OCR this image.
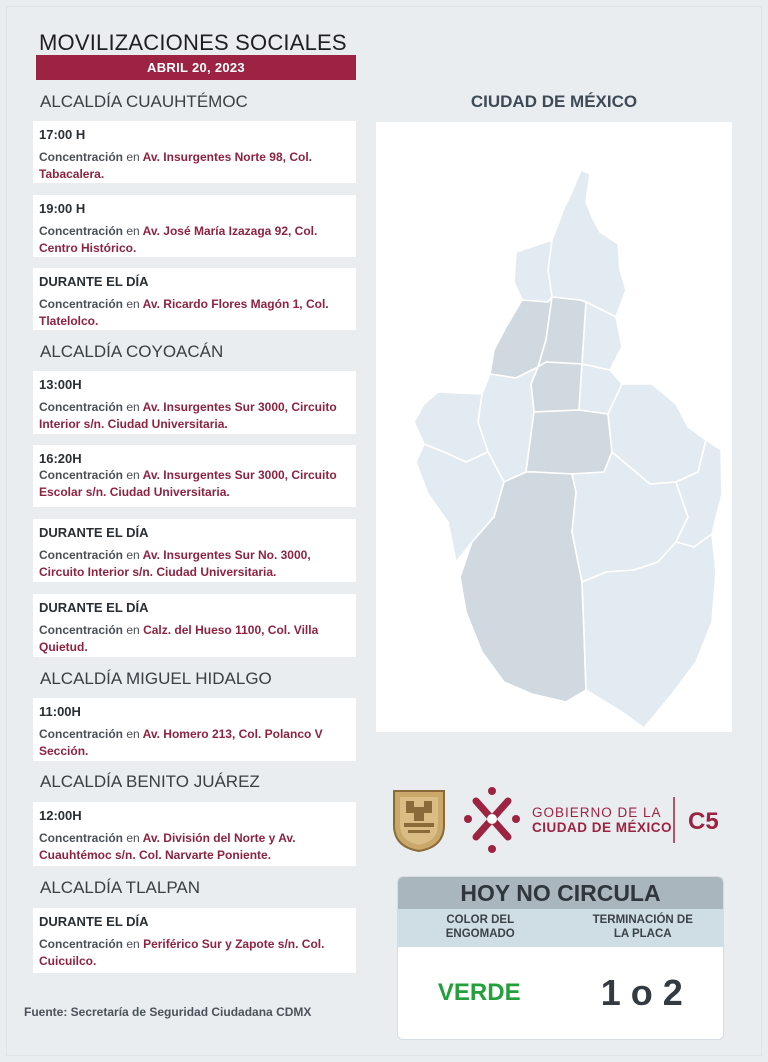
MOVILIZACIONES SOCIALES
ABRIL 20, 2023
ALCALDÍA CUAUHTÉMOC
17:00 H
Concentración en Av. Insurgentes Norte 98, Col. Tabacalera.
19:00 H
Concentración en Av. José María Izazaga 92, Col. Centro Histórico.
DURANTE EL DÍA
Concentración en Av. Ricardo Flores Magón 1, Col. Tlatelolco.
ALCALDÍA COYOACÁN
13:00H
Concentración en Av. Insurgentes Sur 3000, Circuito Interior s/n. Ciudad Universitaria.
16:20H
Concentración en Av. Insurgentes Sur 3000, Circuito Escolar s/n. Ciudad Universitaria.
DURANTE EL DÍA
Concentración en Av. Insurgentes Sur No. 3000, Circuito Interior s/n. Ciudad Universitaria.
DURANTE EL DÍA
Concentración en Calz. del Hueso 1100, Col. Villa Quietud.
ALCALDÍA MIGUEL HIDALGO
11:00H
Concentración en Av. Homero 213, Col. Polanco V Sección.
ALCALDÍA BENITO JUÁREZ
12:00H
Concentración en Av. División del Norte y Av. Cuauhtémoc s/n. Col. Narvarte Poniente.
ALCALDÍA TLALPAN
DURANTE EL DÍA
Concentración en Periférico Sur y Zapote s/n. Col. Cuicuilco.
CIUDAD DE MÉXICO
GOBIERNO DE LA
CIUDAD DE MÉXICO C5
HOY NO CIRCULA
COLOR DEL ENGOMADO
TERMINACIÓN DE LA PLACA
VERDE	1 o 2
Fuente: Secretaría de Seguridad Ciudadana CDMX
